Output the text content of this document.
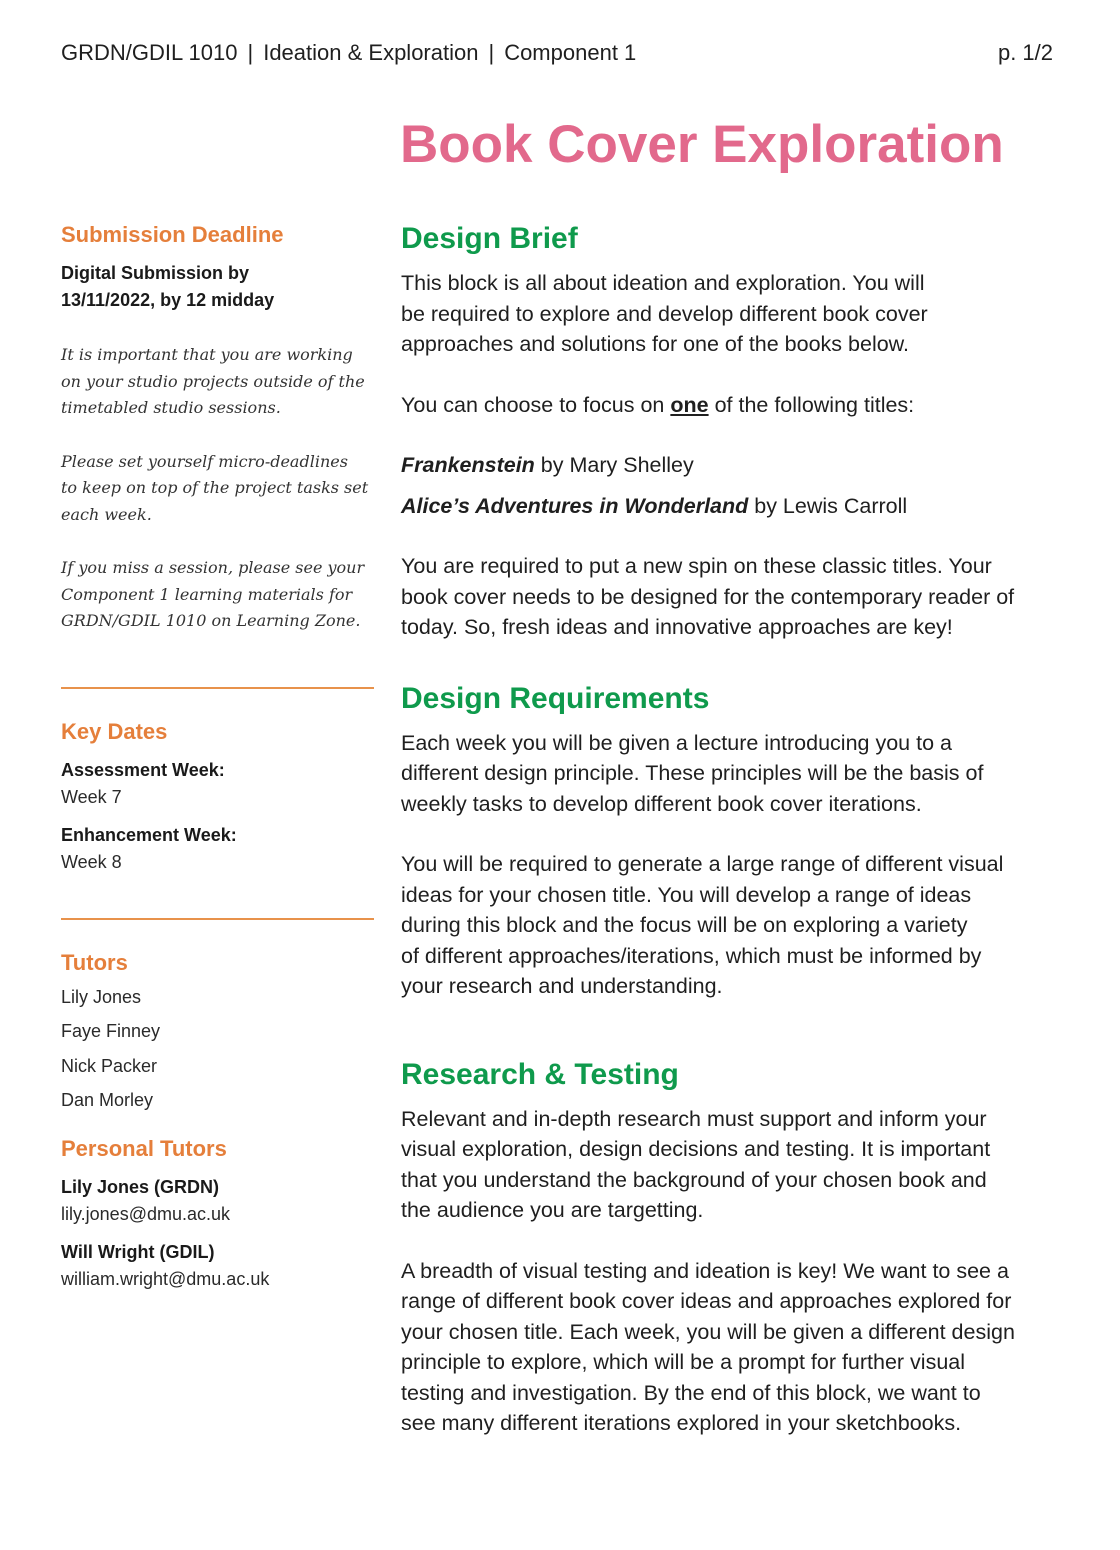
GRDN/GDIL 1010 | Ideation & Exploration | Component 1	p. 1/2
Book Cover Exploration
Submission Deadline

Digital Submission by

13/11/2022, by 12 midday

It is important that you are working

on your studio projects outside of the

timetabled studio sessions.

Please set yourself micro-deadlines

to keep on top of the project tasks set

each week.

If you miss a session, please see your

Component 1 learning materials for

GRDN/GDIL 1010 on Learning Zone.

Key Dates

Assessment Week:

Week 7

Enhancement Week:

Week 8

Tutors

Lily Jones

Faye Finney

Nick Packer

Dan Morley

Personal Tutors

Lily Jones (GRDN)

lily.jones@dmu.ac.uk

Will Wright (GDIL)

william.wright@dmu.ac.uk

Design Brief

This block is all about ideation and exploration. You will

be required to explore and develop different book cover

approaches and solutions for one of the books below.

You can choose to focus on one of the following titles:

Frankenstein by Mary Shelley

Alice’s Adventures in Wonderland by Lewis Carroll

You are required to put a new spin on these classic titles. Your

book cover needs to be designed for the contemporary reader of

today. So, fresh ideas and innovative approaches are key!

Design Requirements

Each week you will be given a lecture introducing you to a

different design principle. These principles will be the basis of

weekly tasks to develop different book cover iterations.

You will be required to generate a large range of different visual

ideas for your chosen title. You will develop a range of ideas

during this block and the focus will be on exploring a variety

of different approaches/iterations, which must be informed by

your research and understanding.

Research & Testing

Relevant and in-depth research must support and inform your

visual exploration, design decisions and testing. It is important

that you understand the background of your chosen book and

the audience you are targetting.

A breadth of visual testing and ideation is key! We want to see a

range of different book cover ideas and approaches explored for

your chosen title. Each week, you will be given a different design

principle to explore, which will be a prompt for further visual

testing and investigation. By the end of this block, we want to

see many different iterations explored in your sketchbooks.
